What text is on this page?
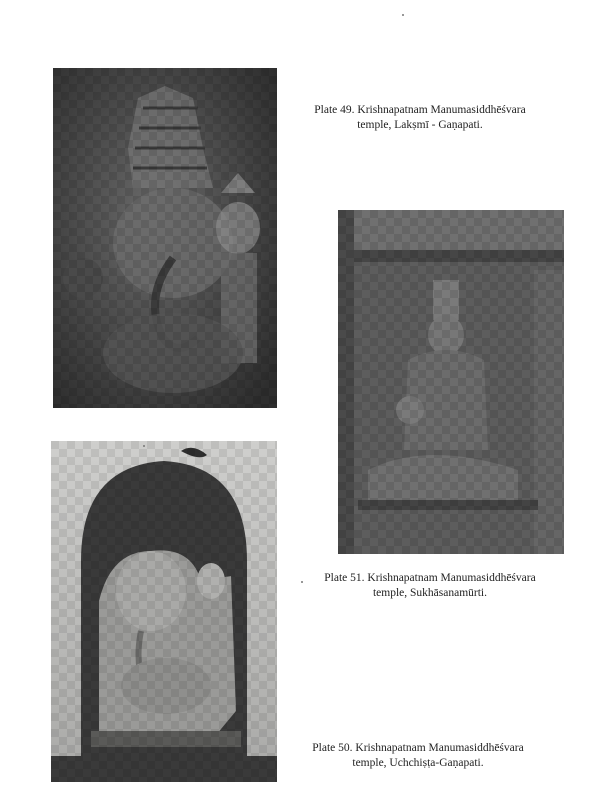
Plate 49. Krishnapatnam Manumasiddhēśvara
temple, Lakṣmī - Gaṇapati.
Plate 51. Krishnapatnam Manumasiddhēśvara
temple, Sukhāsanamūrti.
Plate 50. Krishnapatnam Manumasiddhēśvara
temple, Uchchiṣṭa-Gaṇapati.
